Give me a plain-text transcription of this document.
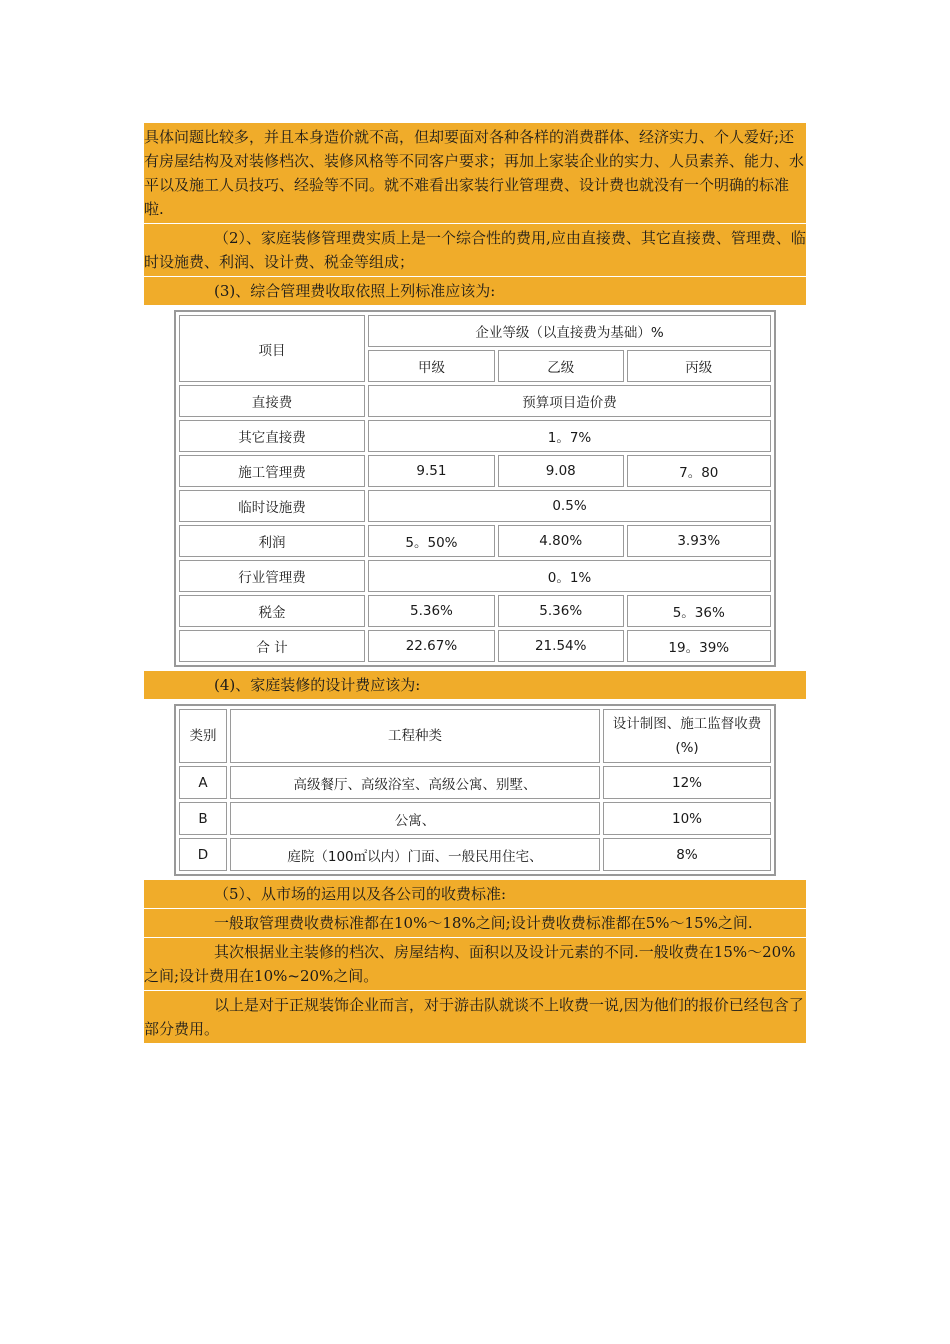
具体问题比较多，并且本身造价就不高，但却要面对各种各样的消费群体、经济实力、个人爱好;还有房屋结构及对装修档次、装修风格等不同客户要求；再加上家装企业的实力、人员素养、能力、水平以及施工人员技巧、经验等不同。就不难看出家装行业管理费、设计费也就没有一个明确的标准啦.

（2）、家庭装修管理费实质上是一个综合性的费用,应由直接费、其它直接费、管理费、临时设施费、利润、设计费、税金等组成；

(3)、综合管理费收取依照上列标准应该为:

项目	企业等级（以直接费为基础）%		
	甲级	乙级	丙级
直接费	预算项目造价费		
其它直接费	1。7%		
施工管理费	9.51	9.08	7。80
临时设施费	0.5%		
利润	5。50%	4.80%	3.93%
行业管理费	0。1%		
税金	5.36%	5.36%	5。36%
合 计	22.67%	21.54%	19。39%

(4)、家庭装修的设计费应该为:

类别	工程种类	设计制图、施工监督收费(%)
A	高级餐厅、高级浴室、高级公寓、别墅、	12%
B	公寓、	10%
D	庭院（100㎡以内）门面、一般民用住宅、	8%

（5）、从市场的运用以及各公司的收费标准:

一般取管理费收费标准都在10%～18%之间;设计费收费标准都在5%～15%之间.

其次根据业主装修的档次、房屋结构、面积以及设计元素的不同.一般收费在15%～20%之间;设计费用在10%~20%之间。

以上是对于正规装饰企业而言，对于游击队就谈不上收费一说,因为他们的报价已经包含了部分费用。
